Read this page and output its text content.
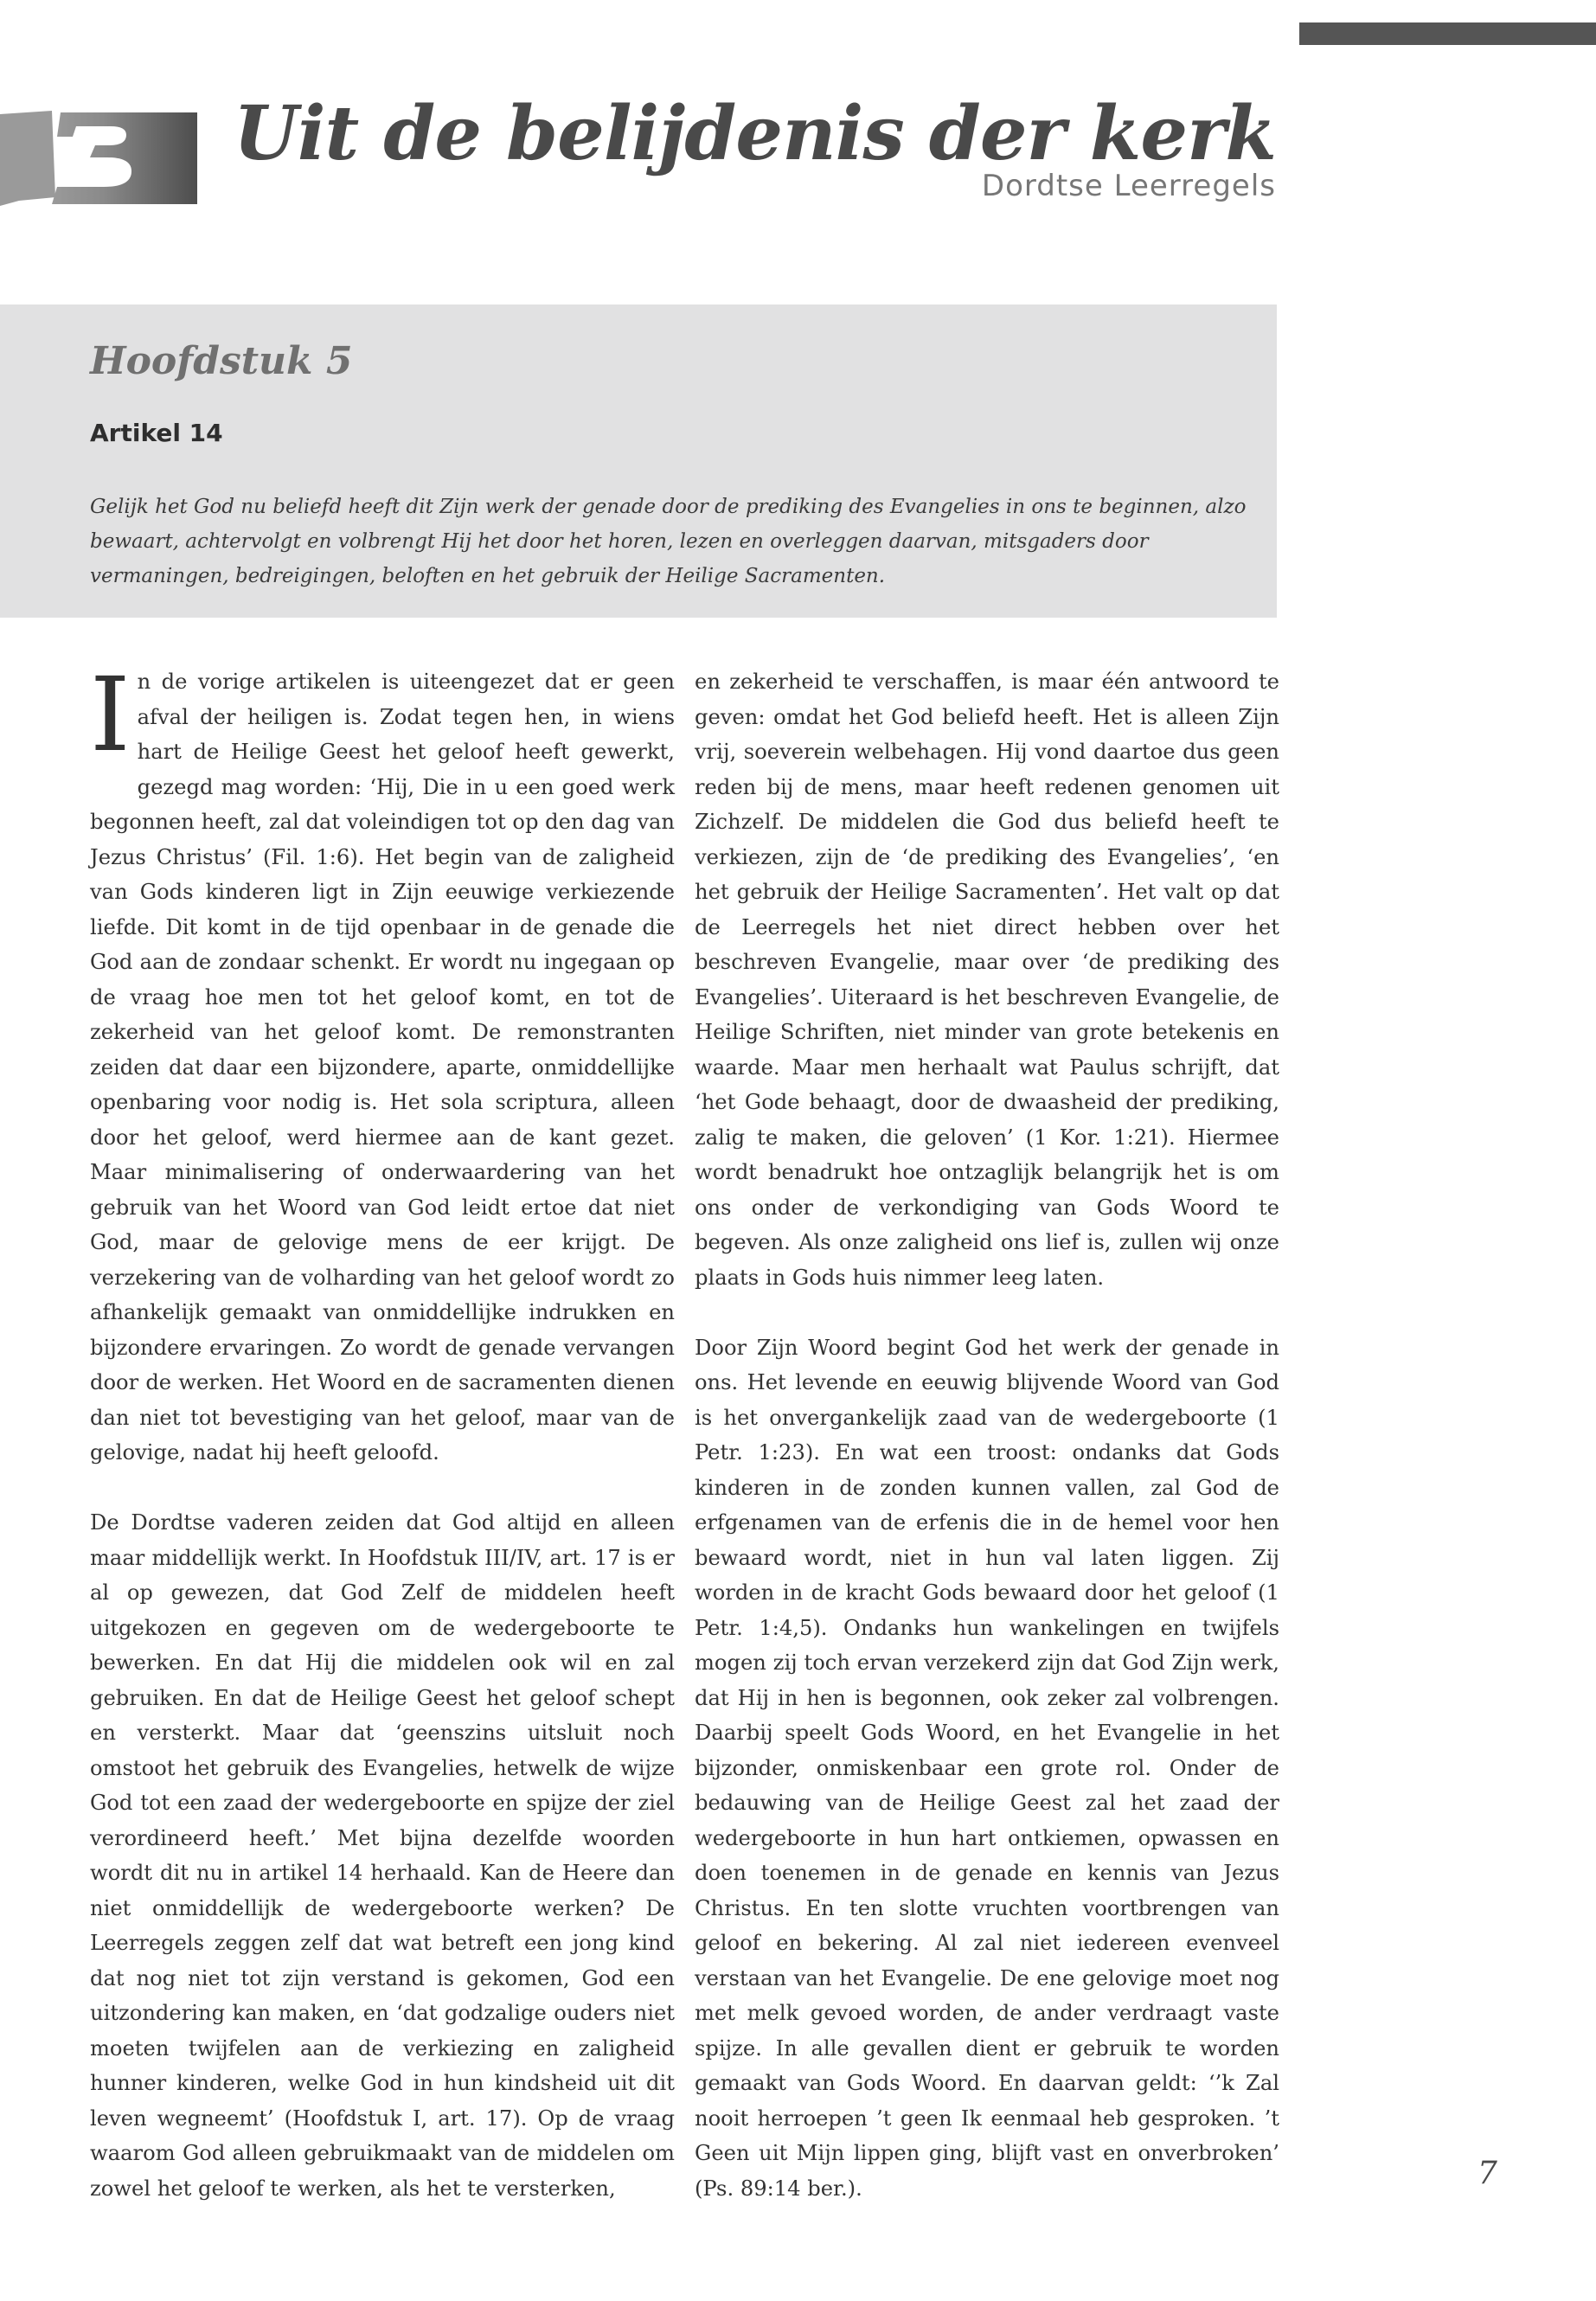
Uit de belijdenis der kerk
Dordtse Leerregels
Hoofdstuk 5
Artikel 14
Gelijk het God nu beliefd heeft dit Zijn werk der genade door de prediking des Evangelies in ons te beginnen, alzo bewaart, achtervolgt en volbrengt Hij het door het horen, lezen en overleggen daarvan, mitsgaders door vermaningen, bedreigingen, beloften en het gebruik der Heilige Sacramenten.

In de vorige artikelen is uiteengezet dat er geen afval der heiligen is. Zodat tegen hen, in wiens hart de Heilige Geest het geloof heeft gewerkt, gezegd mag worden: ‘Hij, Die in u een goed werk begonnen heeft, zal dat voleindigen tot op den dag van Jezus Christus’ (Fil. 1:6). Het begin van de zaligheid van Gods kinderen ligt in Zijn eeuwige verkiezende liefde. Dit komt in de tijd openbaar in de genade die God aan de zondaar schenkt. Er wordt nu ingegaan op de vraag hoe men tot het geloof komt, en tot de zekerheid van het geloof komt. De remonstranten zeiden dat daar een bijzondere, aparte, onmiddellijke openbaring voor nodig is. Het sola scriptura, alleen door het geloof, werd hiermee aan de kant gezet. Maar minimalisering of onderwaardering van het gebruik van het Woord van God leidt ertoe dat niet God, maar de gelovige mens de eer krijgt. De verzekering van de volharding van het geloof wordt zo afhankelijk gemaakt van onmiddellijke indrukken en bijzondere ervaringen. Zo wordt de genade vervangen door de werken. Het Woord en de sacramenten dienen dan niet tot bevestiging van het geloof, maar van de gelovige, nadat hij heeft geloofd.

De Dordtse vaderen zeiden dat God altijd en alleen maar middellijk werkt. In Hoofdstuk III/IV, art. 17 is er al op gewezen, dat God Zelf de middelen heeft uitgekozen en gegeven om de wedergeboorte te bewerken. En dat Hij die middelen ook wil en zal gebruiken. En dat de Heilige Geest het geloof schept en versterkt. Maar dat ‘geenszins uitsluit noch omstoot het gebruik des Evangelies, hetwelk de wijze God tot een zaad der wedergeboorte en spijze der ziel verordineerd heeft.’ Met bijna dezelfde woorden wordt dit nu in artikel 14 herhaald. Kan de Heere dan niet onmiddellijk de wedergeboorte werken? De Leerregels zeggen zelf dat wat betreft een jong kind dat nog niet tot zijn verstand is gekomen, God een uitzondering kan maken, en ‘dat godzalige ouders niet moeten twijfelen aan de verkiezing en zaligheid hunner kinderen, welke God in hun kindsheid uit dit leven wegneemt’ (Hoofdstuk I, art. 17). Op de vraag waarom God alleen gebruikmaakt van de middelen om zowel het geloof te werken, als het te versterken,

en zekerheid te verschaffen, is maar één antwoord te geven: omdat het God beliefd heeft. Het is alleen Zijn vrij, soeverein welbehagen. Hij vond daartoe dus geen reden bij de mens, maar heeft redenen genomen uit Zichzelf. De middelen die God dus beliefd heeft te verkiezen, zijn de ‘de prediking des Evangelies’, ‘en het gebruik der Heilige Sacramenten’. Het valt op dat de Leerregels het niet direct hebben over het beschreven Evangelie, maar over ‘de prediking des Evangelies’. Uiteraard is het beschreven Evangelie, de Heilige Schriften, niet minder van grote betekenis en waarde. Maar men herhaalt wat Paulus schrijft, dat ‘het Gode behaagt, door de dwaasheid der prediking, zalig te maken, die geloven’ (1 Kor. 1:21). Hiermee wordt benadrukt hoe ontzaglijk belangrijk het is om ons onder de verkondiging van Gods Woord te begeven. Als onze zaligheid ons lief is, zullen wij onze plaats in Gods huis nimmer leeg laten.

Door Zijn Woord begint God het werk der genade in ons. Het levende en eeuwig blijvende Woord van God is het onvergankelijk zaad van de wedergeboorte (1 Petr. 1:23). En wat een troost: ondanks dat Gods kinderen in de zonden kunnen vallen, zal God de erfgenamen van de erfenis die in de hemel voor hen bewaard wordt, niet in hun val laten liggen. Zij worden in de kracht Gods bewaard door het geloof (1 Petr. 1:4,5). Ondanks hun wankelingen en twijfels mogen zij toch ervan verzekerd zijn dat God Zijn werk, dat Hij in hen is begonnen, ook zeker zal volbrengen. Daarbij speelt Gods Woord, en het Evangelie in het bijzonder, onmiskenbaar een grote rol. Onder de bedauwing van de Heilige Geest zal het zaad der wedergeboorte in hun hart ontkiemen, opwassen en doen toenemen in de genade en kennis van Jezus Christus. En ten slotte vruchten voortbrengen van geloof en bekering. Al zal niet iedereen evenveel verstaan van het Evangelie. De ene gelovige moet nog met melk gevoed worden, de ander verdraagt vaste spijze. In alle gevallen dient er gebruik te worden gemaakt van Gods Woord. En daarvan geldt: ‘’k Zal nooit herroepen ’t geen Ik eenmaal heb gesproken. ’t Geen uit Mijn lippen ging, blijft vast en onverbroken’ (Ps. 89:14 ber.).	7
